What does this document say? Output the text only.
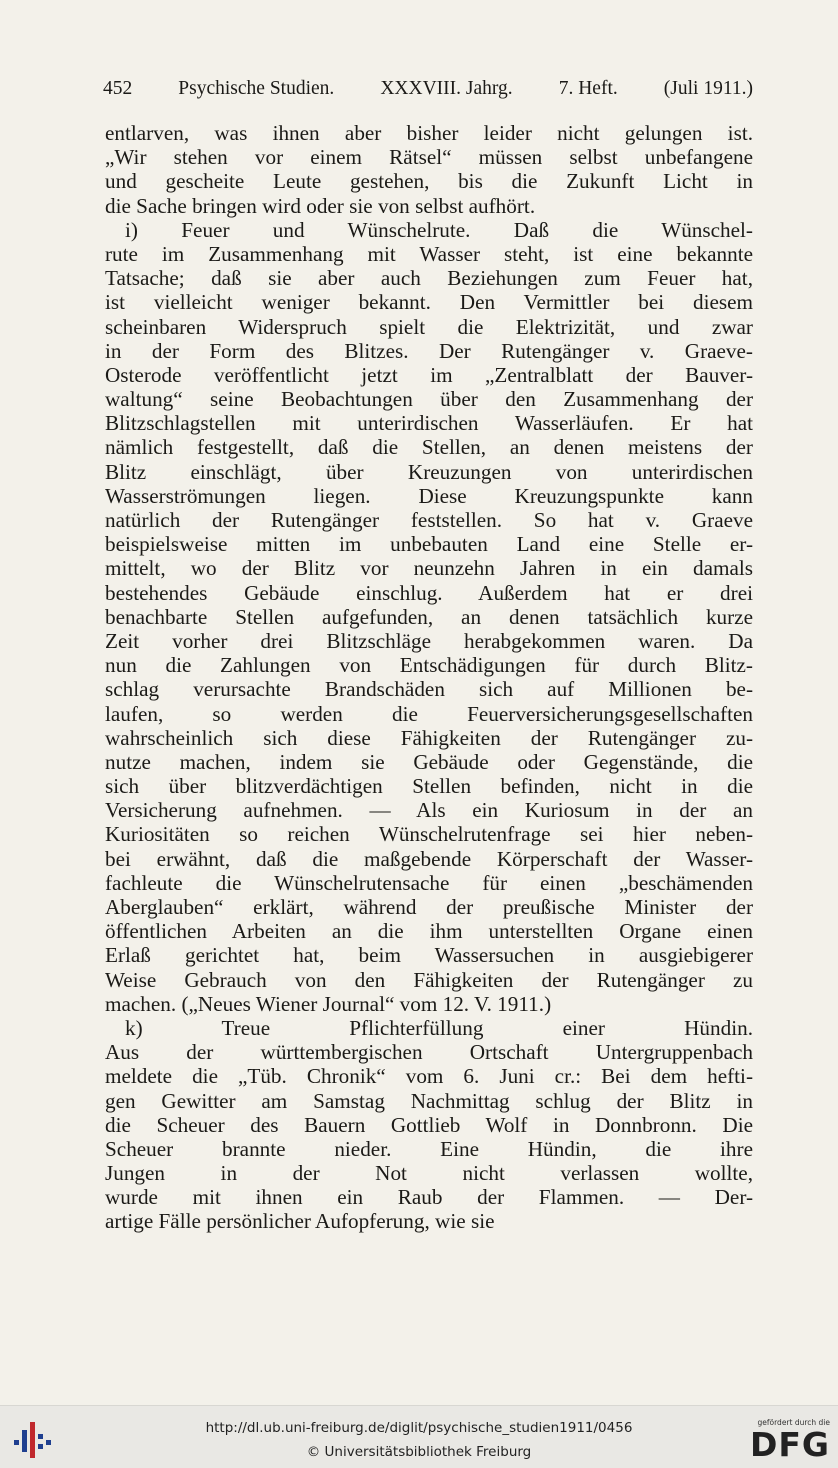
452 Psychische Studien. XXXVIII. Jahrg. 7. Heft. (Juli 1911.)
entlarven, was ihnen aber bisher leider nicht gelungen ist.
„Wir stehen vor einem Rätsel“ müssen selbst unbefangene
und gescheite Leute gestehen, bis die Zukunft Licht in
die Sache bringen wird oder sie von selbst aufhört.
i) Feuer und Wünschelrute. Daß die Wünschel-
rute im Zusammenhang mit Wasser steht, ist eine bekannte
Tatsache; daß sie aber auch Beziehungen zum Feuer hat,
ist vielleicht weniger bekannt. Den Vermittler bei diesem
scheinbaren Widerspruch spielt die Elektrizität, und zwar
in der Form des Blitzes. Der Rutengänger v. Graeve-
Osterode veröffentlicht jetzt im „Zentralblatt der Bauver-
waltung“ seine Beobachtungen über den Zusammenhang der
Blitzschlagstellen mit unterirdischen Wasserläufen. Er hat
nämlich festgestellt, daß die Stellen, an denen meistens der
Blitz einschlägt, über Kreuzungen von unterirdischen
Wasserströmungen liegen. Diese Kreuzungspunkte kann
natürlich der Rutengänger feststellen. So hat v. Graeve
beispielsweise mitten im unbebauten Land eine Stelle er-
mittelt, wo der Blitz vor neunzehn Jahren in ein damals
bestehendes Gebäude einschlug. Außerdem hat er drei
benachbarte Stellen aufgefunden, an denen tatsächlich kurze
Zeit vorher drei Blitzschläge herabgekommen waren. Da
nun die Zahlungen von Entschädigungen für durch Blitz-
schlag verursachte Brandschäden sich auf Millionen be-
laufen, so werden die Feuerversicherungsgesellschaften
wahrscheinlich sich diese Fähigkeiten der Rutengänger zu-
nutze machen, indem sie Gebäude oder Gegenstände, die
sich über blitzverdächtigen Stellen befinden, nicht in die
Versicherung aufnehmen. — Als ein Kuriosum in der an
Kuriositäten so reichen Wünschelrutenfrage sei hier neben-
bei erwähnt, daß die maßgebende Körperschaft der Wasser-
fachleute die Wünschelrutensache für einen „beschämenden
Aberglauben“ erklärt, während der preußische Minister der
öffentlichen Arbeiten an die ihm unterstellten Organe einen
Erlaß gerichtet hat, beim Wassersuchen in ausgiebigerer
Weise Gebrauch von den Fähigkeiten der Rutengänger zu
machen. („Neues Wiener Journal“ vom 12. V. 1911.)
k) Treue Pflichterfüllung einer Hündin.
Aus der württembergischen Ortschaft Untergruppenbach
meldete die „Tüb. Chronik“ vom 6. Juni cr.: Bei dem hefti-
gen Gewitter am Samstag Nachmittag schlug der Blitz in
die Scheuer des Bauern Gottlieb Wolf in Donnbronn. Die
Scheuer brannte nieder. Eine Hündin, die ihre
Jungen in der Not nicht verlassen wollte,
wurde mit ihnen ein Raub der Flammen. — Der-
artige Fälle persönlicher Aufopferung, wie sie
http://dl.ub.uni-freiburg.de/diglit/psychische_studien1911/0456
© Universitätsbibliothek Freiburg
gefördert durch die
DFG
